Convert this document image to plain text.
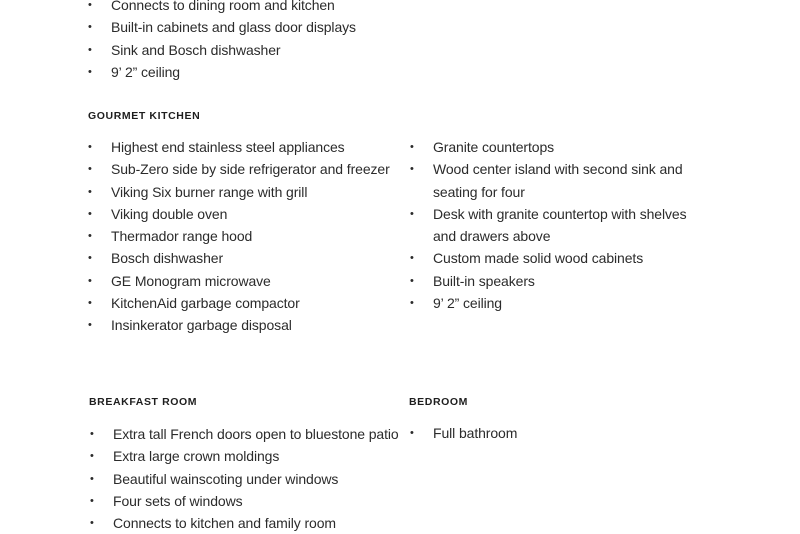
• Connects to dining room and kitchen
• Built-in cabinets and glass door displays
• Sink and Bosch dishwasher
• 9’ 2” ceiling
GOURMET KITCHEN
• Highest end stainless steel appliances
• Sub-Zero side by side refrigerator and freezer
• Viking Six burner range with grill
• Viking double oven
• Thermador range hood
• Bosch dishwasher
• GE Monogram microwave
• KitchenAid garbage compactor
• Insinkerator garbage disposal
• Granite countertops
• Wood center island with second sink and seating for four
• Desk with granite countertop with shelves and drawers above
• Custom made solid wood cabinets
• Built-in speakers
• 9’ 2” ceiling
BREAKFAST ROOM
• Extra tall French doors open to bluestone patio
• Extra large crown moldings
• Beautiful wainscoting under windows
• Four sets of windows
• Connects to kitchen and family room
BEDROOM
• Full bathroom
